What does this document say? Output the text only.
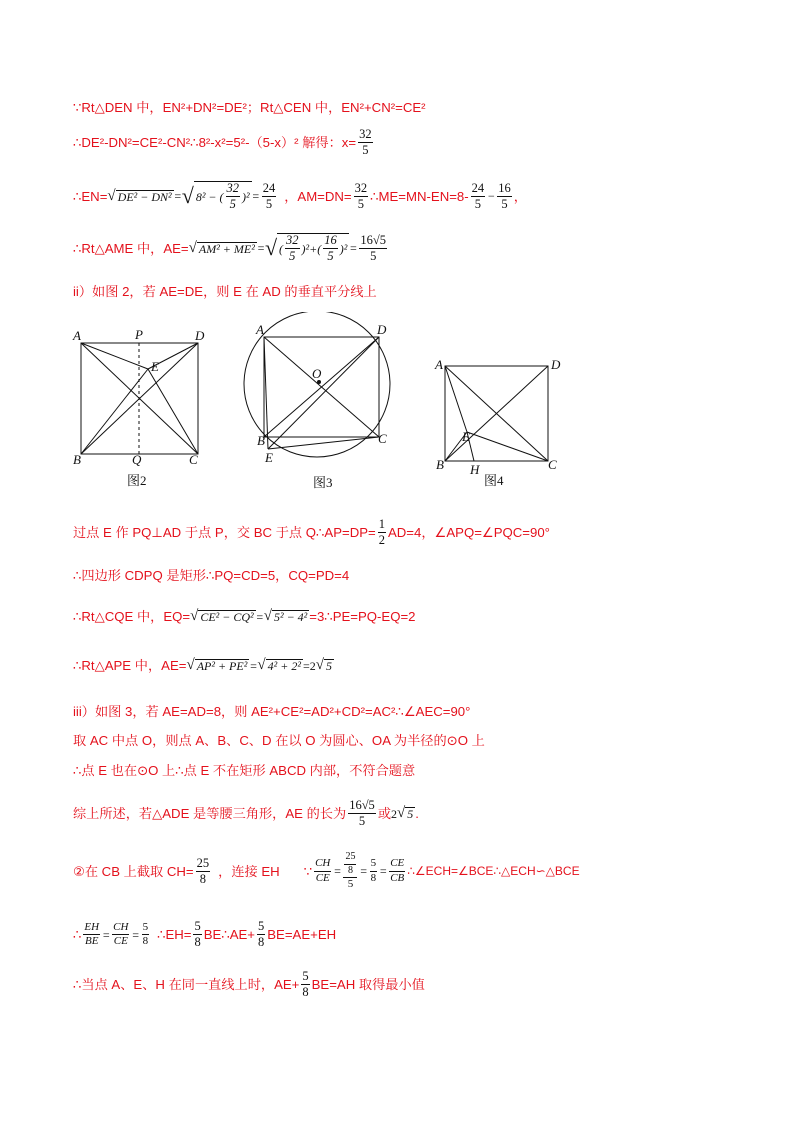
∵Rt△DEN 中，EN²+DN²=DE²；Rt△CEN 中，EN²+CN²=CE²
∴DE²-DN²=CE²-CN²∴8²-x²=5²-（5-x）² 解得：$x= \frac{32}{5}$
∴EN= √ DE² − DN² = √ 8² − ( $\frac{32}{5} )^2 = \frac{24}{5}$ ，$AM=DN= \frac{32}{5}$ ∴ME=MN-EN=8- $\frac{24}{5} - \frac{16}{5}$ ，
∴Rt△AME 中，AE= √ AM² + ME² = √ ( $\frac{32}{5} )^2+( \frac{16}{5} )^2 = \frac{16√5}{5}$
ii）如图 2，若 AE=DE，则 E 在 AD 的垂直平分线上
A	P	D
E
B	Q	C
图2
A	D
O
B	C
E
图3
A	D
E
B H	C
图4
过点 E 作 PQ⊥AD 于点 P，交 BC 于点 Q∴AP=DP= $\frac{1}{2} AD=4$，∠APQ=∠PQC=90°
∴四边形 CDPQ 是矩形∴PQ=CD=5，CQ=PD=4
∴Rt△CQE 中，EQ= √ CE² − CQ² = √ 5² − 4² =3∴PE=PQ-EQ=2
∴Rt△APE 中，AE= √ AP² + PE² = √ 4² + 2² =2 √ 5
iii）如图 3，若 AE=AD=8，则 AE²+CE²=AD²+CD²=AC²∴∠AEC=90°
取 AC 中点 O，则点 A、B、C、D 在以 O 为圆心、OA 为半径的⊙O 上
∴点 E 也在⊙O 上∴点 E 不在矩形 ABCD 内部，不符合题意
综上所述，若△ADE 是等腰三角形，AE 的长为 $\frac{16√5}{5}$ 或 2 √ 5 .
②在 CB 上截取 $CH= \frac{25}{8}$ ，连接 EH ∵ $\frac{CH}{CE} = \frac{\frac{25}{8}}{5} = \frac{5}{8} = \frac{CE}{CB}$ ∴∠ECH=∠BCE∴△ECH∽△BCE
∴ $\frac{EH}{BE} = \frac{CH}{CE} = \frac{5}{8}$ ∴EH= $\frac{5}{8}$ BE∴AE+ $\frac{5}{8} BE=AE+EH$
∴当点 A、E、H 在同一直线上时，$AE+ \frac{5}{8} BE=AH$ 取得最小值
